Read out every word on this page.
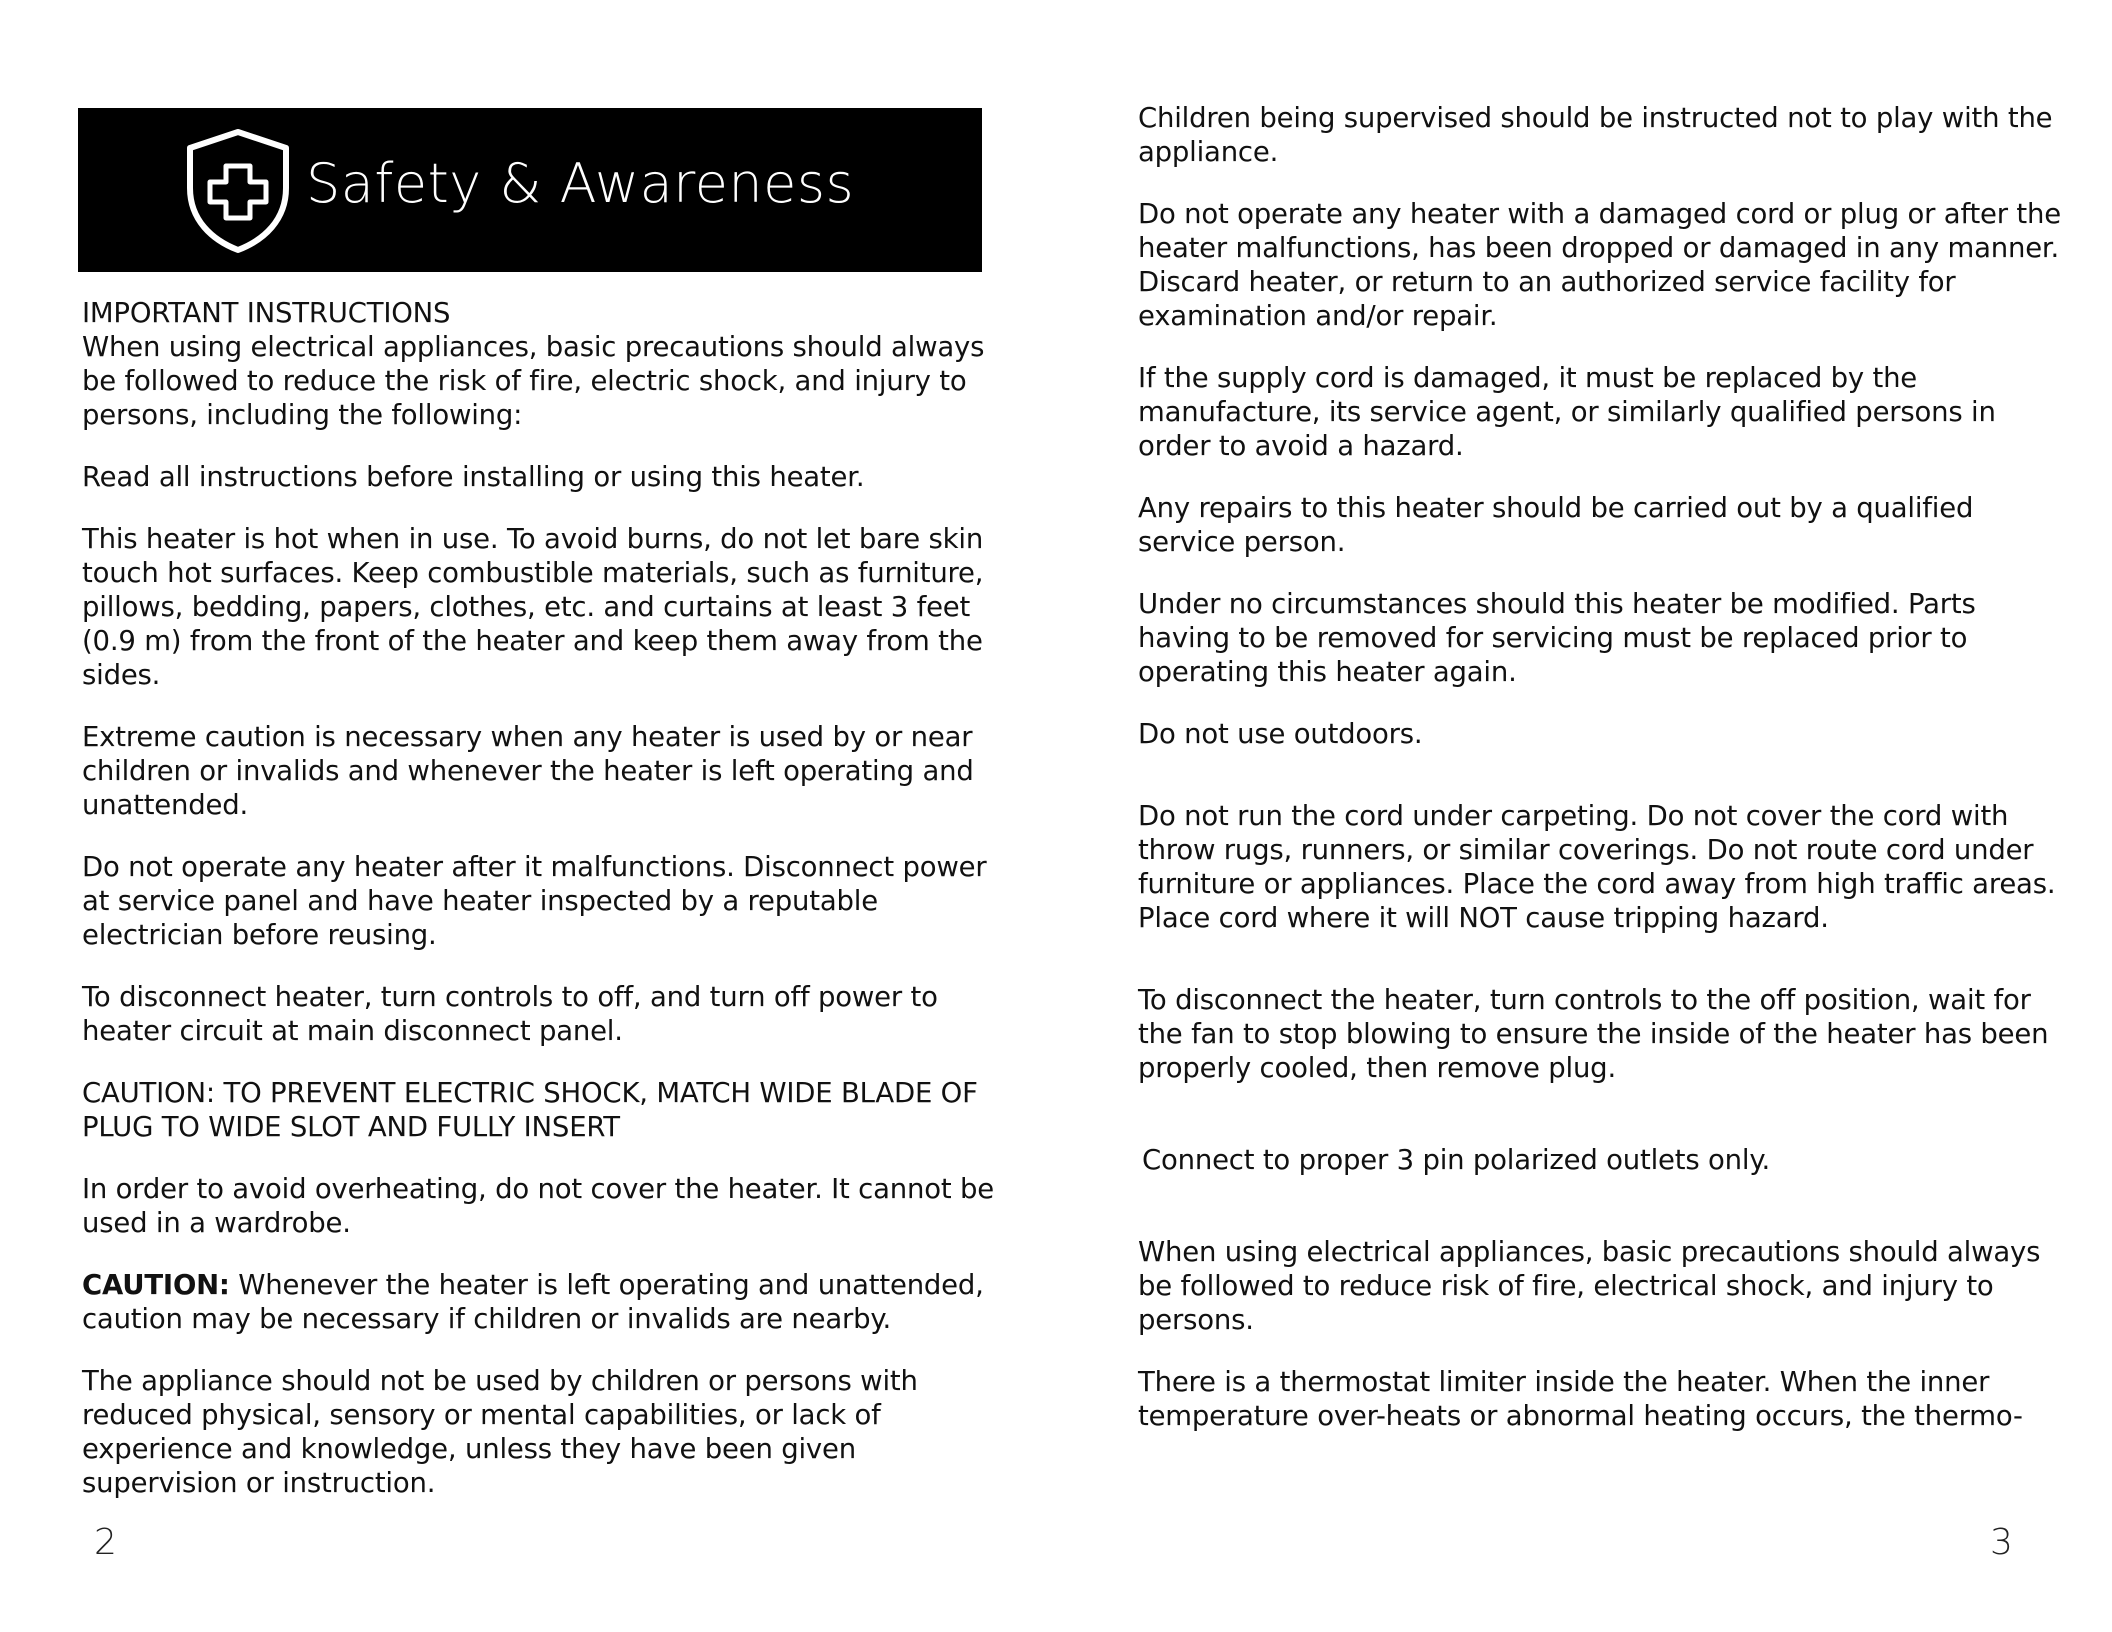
Safety & Awareness

IMPORTANT INSTRUCTIONS

When using electrical appliances, basic precautions should always be followed to reduce the risk of fire, electric shock, and injury to persons, including the following:

Read all instructions before installing or using this heater.

This heater is hot when in use. To avoid burns, do not let bare skin touch hot surfaces. Keep combustible materials, such as furniture, pillows, bedding, papers, clothes, etc. and curtains at least 3 feet (0.9 m) from the front of the heater and keep them away from the sides.

Extreme caution is necessary when any heater is used by or near children or invalids and whenever the heater is left operating and unattended.

Do not operate any heater after it malfunctions. Disconnect power at service panel and have heater inspected by a reputable electrician before reusing.

To disconnect heater, turn controls to off, and turn off power to heater circuit at main disconnect panel.

CAUTION: TO PREVENT ELECTRIC SHOCK, MATCH WIDE BLADE OF PLUG TO WIDE SLOT AND FULLY INSERT

In order to avoid overheating, do not cover the heater. It cannot be used in a wardrobe.

CAUTION: Whenever the heater is left operating and unattended, caution may be necessary if children or invalids are nearby.

The appliance should not be used by children or persons with reduced physical, sensory or mental capabilities, or lack of experience and knowledge, unless they have been given supervision or instruction.

2

Children being supervised should be instructed not to play with the appliance.

Do not operate any heater with a damaged cord or plug or after the heater malfunctions, has been dropped or damaged in any manner. Discard heater, or return to an authorized service facility for examination and/or repair.

If the supply cord is damaged, it must be replaced by the manufacture, its service agent, or similarly qualified persons in order to avoid a hazard.

Any repairs to this heater should be carried out by a qualified service person.

Under no circumstances should this heater be modified. Parts having to be removed for servicing must be replaced prior to operating this heater again.

Do not use outdoors.

Do not run the cord under carpeting. Do not cover the cord with throw rugs, runners, or similar coverings. Do not route cord under furniture or appliances. Place the cord away from high traffic areas. Place cord where it will NOT cause tripping hazard.

To disconnect the heater, turn controls to the off position, wait for the fan to stop blowing to ensure the inside of the heater has been properly cooled, then remove plug.

Connect to proper 3 pin polarized outlets only.

When using electrical appliances, basic precautions should always be followed to reduce risk of fire, electrical shock, and injury to persons.

There is a thermostat limiter inside the heater. When the inner temperature over-heats or abnormal heating occurs, the thermo-

3
